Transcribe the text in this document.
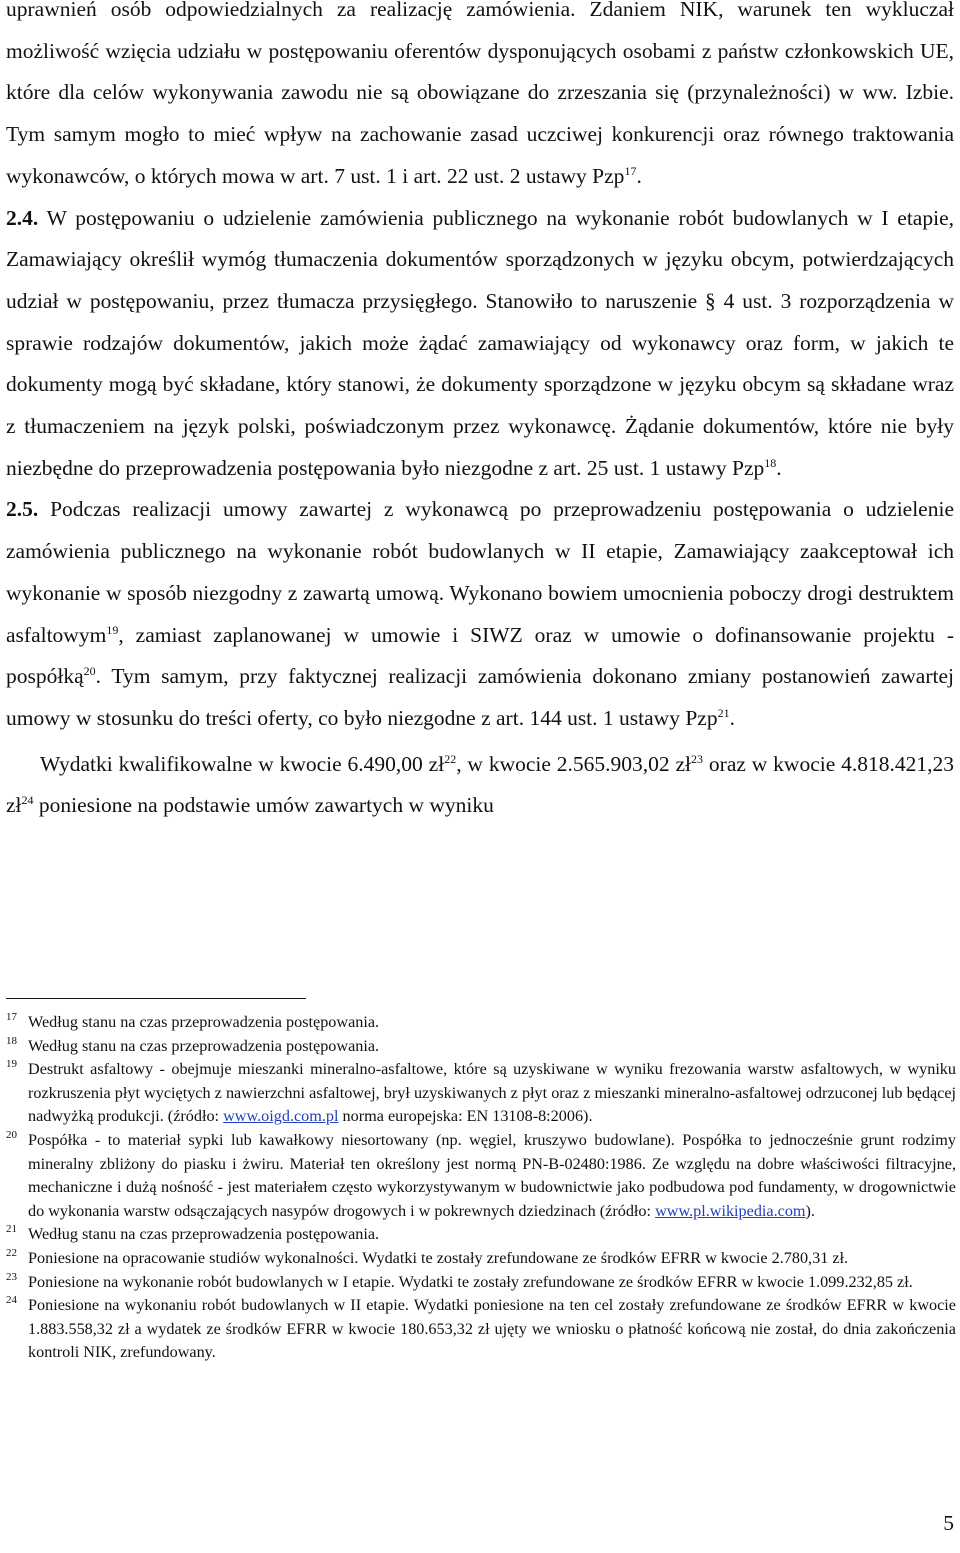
uprawnień osób odpowiedzialnych za realizację zamówienia. Zdaniem NIK, warunek ten wykluczał możliwość wzięcia udziału w postępowaniu oferentów dysponujących osobami z państw członkowskich UE, które dla celów wykonywania zawodu nie są obowiązane do zrzeszania się (przynależności) w ww. Izbie. Tym samym mogło to mieć wpływ na zachowanie zasad uczciwej konkurencji oraz równego traktowania wykonawców, o których mowa w art. 7 ust. 1 i art. 22 ust. 2 ustawy Pzp$^{17}$.

2.4. W postępowaniu o udzielenie zamówienia publicznego na wykonanie robót budowlanych w I etapie, Zamawiający określił wymóg tłumaczenia dokumentów sporządzonych w języku obcym, potwierdzających udział w postępowaniu, przez tłumacza przysięgłego. Stanowiło to naruszenie § 4 ust. 3 rozporządzenia w sprawie rodzajów dokumentów, jakich może żądać zamawiający od wykonawcy oraz form, w jakich te dokumenty mogą być składane, który stanowi, że dokumenty sporządzone w języku obcym są składane wraz z tłumaczeniem na język polski, poświadczonym przez wykonawcę. Żądanie dokumentów, które nie były niezbędne do przeprowadzenia postępowania było niezgodne z art. 25 ust. 1 ustawy Pzp$^{18}$.

2.5. Podczas realizacji umowy zawartej z wykonawcą po przeprowadzeniu postępowania o udzielenie zamówienia publicznego na wykonanie robót budowlanych w II etapie, Zamawiający zaakceptował ich wykonanie w sposób niezgodny z zawartą umową. Wykonano bowiem umocnienia poboczy drogi destruktem asfaltowym$^{19}$, zamiast zaplanowanej w umowie i SIWZ oraz w umowie o dofinansowanie projektu - pospółką$^{20}$. Tym samym, przy faktycznej realizacji zamówienia dokonano zmiany postanowień zawartej umowy w stosunku do treści oferty, co było niezgodne z art. 144 ust. 1 ustawy Pzp$^{21}$.

Wydatki kwalifikowalne w kwocie 6.490,00 $zł^{22}$, w kwocie 2.565.903,02 $zł^{23}$ oraz w kwocie 4.818.421,23 $zł^{24}$ poniesione na podstawie umów zawartych w wyniku

17 Według stanu na czas przeprowadzenia postępowania.
18 Według stanu na czas przeprowadzenia postępowania.
19 Destrukt asfaltowy - obejmuje mieszanki mineralno-asfaltowe, które są uzyskiwane w wyniku frezowania warstw asfaltowych, w wyniku rozkruszenia płyt wyciętych z nawierzchni asfaltowej, brył uzyskiwanych z płyt oraz z mieszanki mineralno-asfaltowej odrzuconej lub będącej nadwyżką produkcji. (źródło: www.oigd.com.pl norma europejska: EN 13108-8:2006).
20 Pospółka - to materiał sypki lub kawałkowy niesortowany (np. węgiel, kruszywo budowlane). Pospółka to jednocześnie grunt rodzimy mineralny zbliżony do piasku i żwiru. Materiał ten określony jest normą PN-B-02480:1986. Ze względu na dobre właściwości filtracyjne, mechaniczne i dużą nośność - jest materiałem często wykorzystywanym w budownictwie jako podbudowa pod fundamenty, w drogownictwie do wykonania warstw odsączających nasypów drogowych i w pokrewnych dziedzinach (źródło: www.pl.wikipedia.com).
21 Według stanu na czas przeprowadzenia postępowania.
22 Poniesione na opracowanie studiów wykonalności. Wydatki te zostały zrefundowane ze środków EFRR w kwocie 2.780,31 zł.
23 Poniesione na wykonanie robót budowlanych w I etapie. Wydatki te zostały zrefundowane ze środków EFRR w kwocie 1.099.232,85 zł.
24 Poniesione na wykonaniu robót budowlanych w II etapie. Wydatki poniesione na ten cel zostały zrefundowane ze środków EFRR w kwocie 1.883.558,32 zł a wydatek ze środków EFRR w kwocie 180.653,32 zł ujęty we wniosku o płatność końcową nie został, do dnia zakończenia kontroli NIK, zrefundowany.
5
